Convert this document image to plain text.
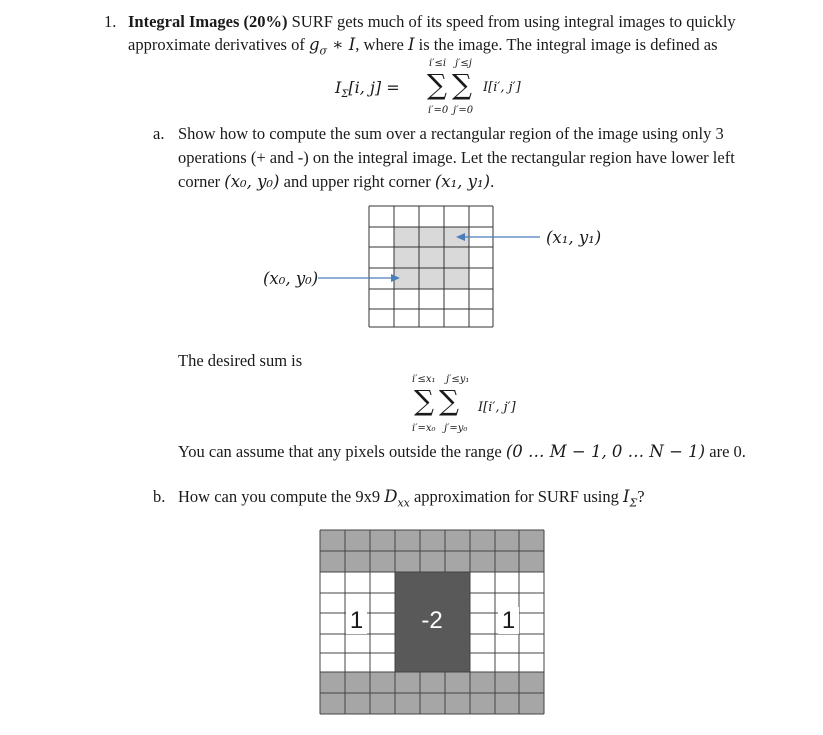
1. Integral Images (20%) SURF gets much of its speed from using integral images to quickly
approximate derivatives of $g_\sigma$ ∗ I, where I is the image. The integral image is defined as
$I_\Sigma[i$, j] =
i′≤i j′≤j
∑ ∑
i′=0 j′=0
I[i′, j′]
a. Show how to compute the sum over a rectangular region of the image using only 3
operations (+ and -) on the integral image. Let the rectangular region have lower left
corner (x₀, y₀) and upper right corner (x₁, y₁).
(x₁, y₁)
(x₀, y₀)
The desired sum is
i′≤x₁ j′≤y₁
∑ ∑
i′=x₀ j′=y₀
I[i′, j′]
You can assume that any pixels outside the range (0 … M − 1, 0 … N − 1) are 0.
b. How can you compute the 9x9 $D_{xx}$ approximation for SURF using $I_\Sigma$?
1 -2 1
